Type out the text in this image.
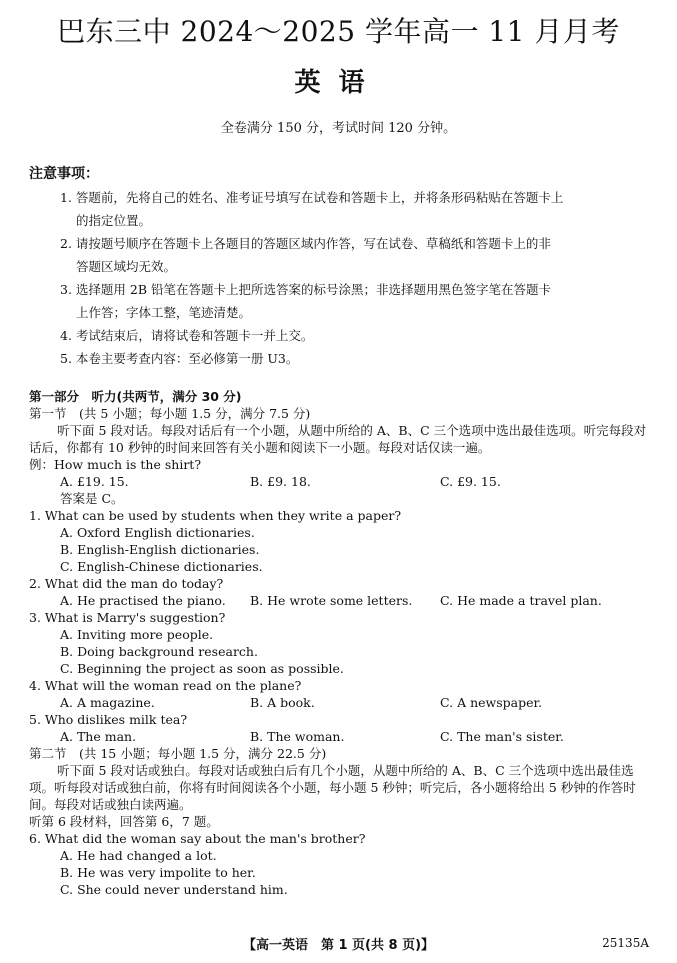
巴东三中 2024～2025 学年高一 11 月月考
英语
全卷满分 150 分，考试时间 120 分钟。
注意事项：
1. 答题前，先将自己的姓名、准考证号填写在试卷和答题卡上，并将条形码粘贴在答题卡上
的指定位置。
2. 请按题号顺序在答题卡上各题目的答题区域内作答，写在试卷、草稿纸和答题卡上的非
答题区域均无效。
3. 选择题用 2B 铅笔在答题卡上把所选答案的标号涂黑；非选择题用黑色签字笔在答题卡
上作答；字体工整，笔迹清楚。
4. 考试结束后，请将试卷和答题卡一并上交。
5. 本卷主要考查内容：至必修第一册 U3。
第一部分　听力(共两节，满分 30 分)
第一节　(共 5 小题；每小题 1.5 分，满分 7.5 分)
听下面 5 段对话。每段对话后有一个小题，从题中所给的 A、B、C 三个选项中选出最佳选项。听完每段对话后，你都有 10 秒钟的时间来回答有关小题和阅读下一小题。每段对话仅读一遍。
例：How much is the shirt?
A. £19. 15.	B. £9. 18.	C. £9. 15.
答案是 C。
1. What can be used by students when they write a paper?
A. Oxford English dictionaries.
B. English-English dictionaries.
C. English-Chinese dictionaries.
2. What did the man do today?
A. He practised the piano.	B. He wrote some letters.	C. He made a travel plan.
3. What is Marry's suggestion?
A. Inviting more people.
B. Doing background research.
C. Beginning the project as soon as possible.
4. What will the woman read on the plane?
A. A magazine.	B. A book.	C. A newspaper.
5. Who dislikes milk tea?
A. The man.	B. The woman.	C. The man's sister.
第二节　(共 15 小题；每小题 1.5 分，满分 22.5 分)
听下面 5 段对话或独白。每段对话或独白后有几个小题，从题中所给的 A、B、C 三个选项中选出最佳选项。听每段对话或独白前，你将有时间阅读各个小题，每小题 5 秒钟；听完后，各小题将给出 5 秒钟的作答时间。每段对话或独白读两遍。
听第 6 段材料，回答第 6，7 题。
6. What did the woman say about the man's brother?
A. He had changed a lot.
B. He was very impolite to her.
C. She could never understand him.
【高一英语　第 1 页(共 8 页)】	25135A
